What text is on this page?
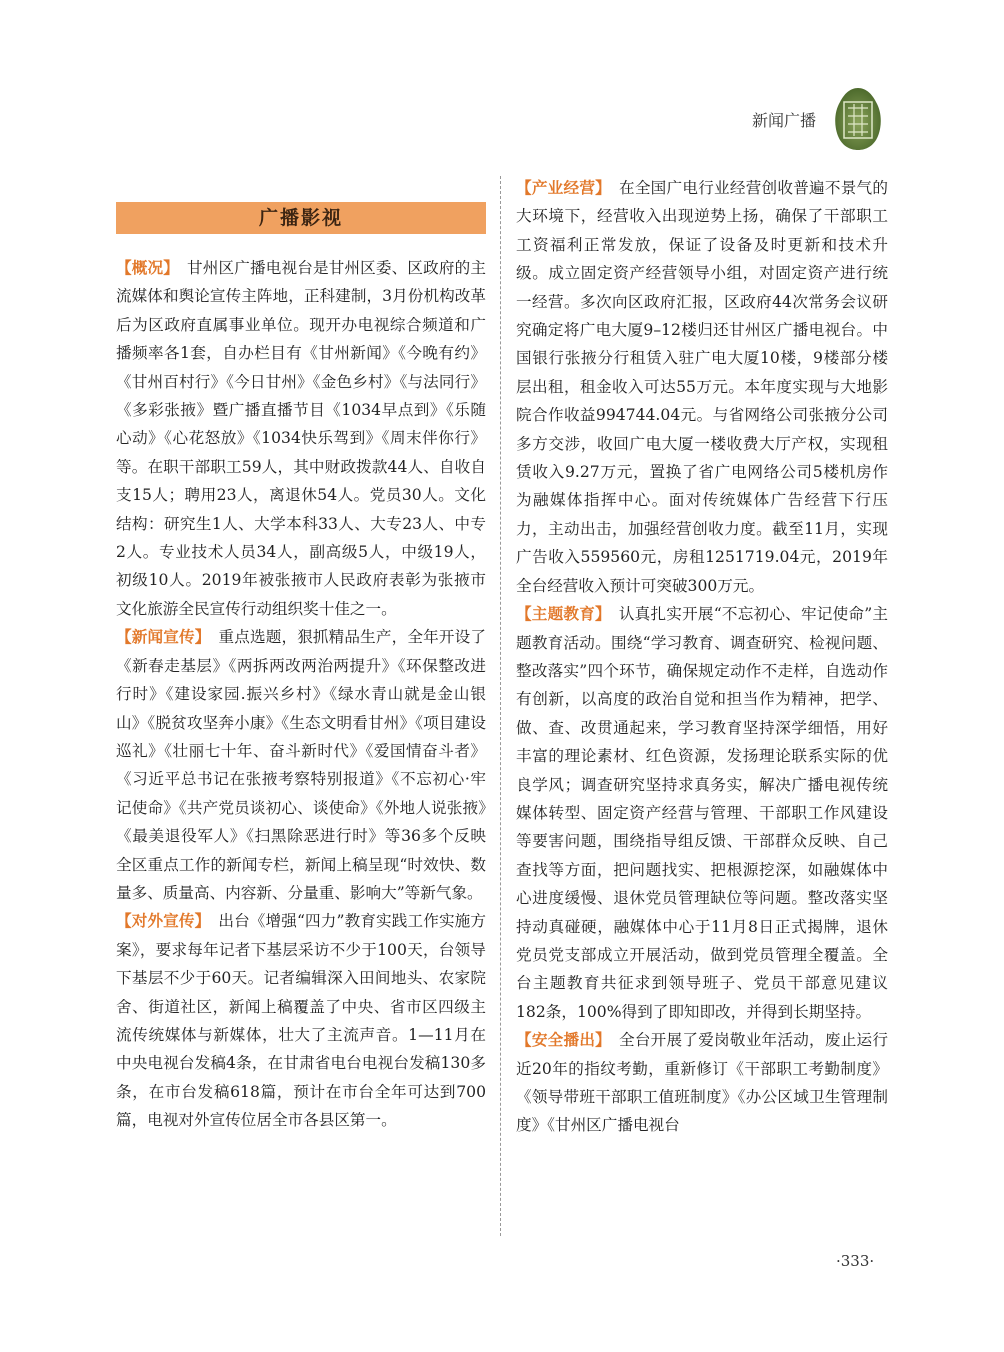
新闻广播
广播影视

【概况】 甘州区广播电视台是甘州区委、区政府的主流媒体和舆论宣传主阵地，正科建制，3月份机构改革后为区政府直属事业单位。现开办电视综合频道和广播频率各1套，自办栏目有《甘州新闻》《今晚有约》《甘州百村行》《今日甘州》《金色乡村》《与法同行》《多彩张掖》暨广播直播节目《1034早点到》《乐随心动》《心花怒放》《1034快乐驾到》《周末伴你行》等。在职干部职工59人，其中财政拨款44人、自收自支15人；聘用23人，离退休54人。党员30人。文化结构：研究生1人、大学本科33人、大专23人、中专2人。专业技术人员34人，副高级5人，中级19人，初级10人。2019年被张掖市人民政府表彰为张掖市文化旅游全民宣传行动组织奖十佳之一。

【新闻宣传】 重点选题，狠抓精品生产，全年开设了《新春走基层》《两拆两改两治两提升》《环保整改进行时》《建设家园.振兴乡村》《绿水青山就是金山银山》《脱贫攻坚奔小康》《生态文明看甘州》《项目建设巡礼》《壮丽七十年、奋斗新时代》《爱国情奋斗者》《习近平总书记在张掖考察特别报道》《不忘初心·牢记使命》《共产党员谈初心、谈使命》《外地人说张掖》《最美退役军人》《扫黑除恶进行时》等36多个反映全区重点工作的新闻专栏，新闻上稿呈现“时效快、数量多、质量高、内容新、分量重、影响大”等新气象。

【对外宣传】 出台《增强“四力”教育实践工作实施方案》，要求每年记者下基层采访不少于100天，台领导下基层不少于60天。记者编辑深入田间地头、农家院舍、街道社区，新闻上稿覆盖了中央、省市区四级主流传统媒体与新媒体，壮大了主流声音。1—11月在中央电视台发稿4条，在甘肃省电台电视台发稿130多条，在市台发稿618篇，预计在市台全年可达到700篇，电视对外宣传位居全市各县区第一。

【产业经营】 在全国广电行业经营创收普遍不景气的大环境下，经营收入出现逆势上扬，确保了干部职工工资福利正常发放，保证了设备及时更新和技术升级。成立固定资产经营领导小组，对固定资产进行统一经营。多次向区政府汇报，区政府44次常务会议研究确定将广电大厦9–12楼归还甘州区广播电视台。中国银行张掖分行租赁入驻广电大厦10楼，9楼部分楼层出租，租金收入可达55万元。本年度实现与大地影院合作收益994744.04元。与省网络公司张掖分公司多方交涉，收回广电大厦一楼收费大厅产权，实现租赁收入9.27万元，置换了省广电网络公司5楼机房作为融媒体指挥中心。面对传统媒体广告经营下行压力，主动出击，加强经营创收力度。截至11月，实现广告收入559560元，房租1251719.04元，2019年全台经营收入预计可突破300万元。

【主题教育】 认真扎实开展“不忘初心、牢记使命”主题教育活动。围绕“学习教育、调查研究、检视问题、整改落实”四个环节，确保规定动作不走样，自选动作有创新，以高度的政治自觉和担当作为精神，把学、做、查、改贯通起来，学习教育坚持深学细悟，用好丰富的理论素材、红色资源，发扬理论联系实际的优良学风；调查研究坚持求真务实，解决广播电视传统媒体转型、固定资产经营与管理、干部职工作风建设等要害问题，围绕指导组反馈、干部群众反映、自己查找等方面，把问题找实、把根源挖深，如融媒体中心进度缓慢、退休党员管理缺位等问题。整改落实坚持动真碰硬，融媒体中心于11月8日正式揭牌，退休党员党支部成立开展活动，做到党员管理全覆盖。全台主题教育共征求到领导班子、党员干部意见建议182条，100%得到了即知即改，并得到长期坚持。

【安全播出】 全台开展了爱岗敬业年活动，废止运行近20年的指纹考勤，重新修订《干部职工考勤制度》《领导带班干部职工值班制度》《办公区域卫生管理制度》《甘州区广播电视台

·333·
